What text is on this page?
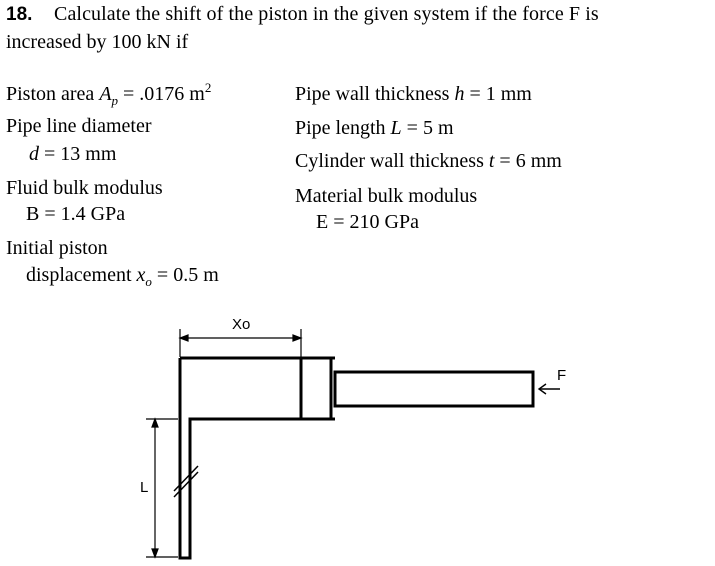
18. Calculate the shift of the piston in the given system if the force F is
increased by 100 kN if
Piston area $A_p = .0176$ $m^2$
Pipe line diameter
d = 13 mm
Fluid bulk modulus
B = 1.4 GPa
Initial piston
displacement $x_o = 0.5$ m
Pipe wall thickness h = 1 mm
Pipe length L = 5 m
Cylinder wall thickness t = 6 mm
Material bulk modulus
E = 210 GPa
Xo
L
F
